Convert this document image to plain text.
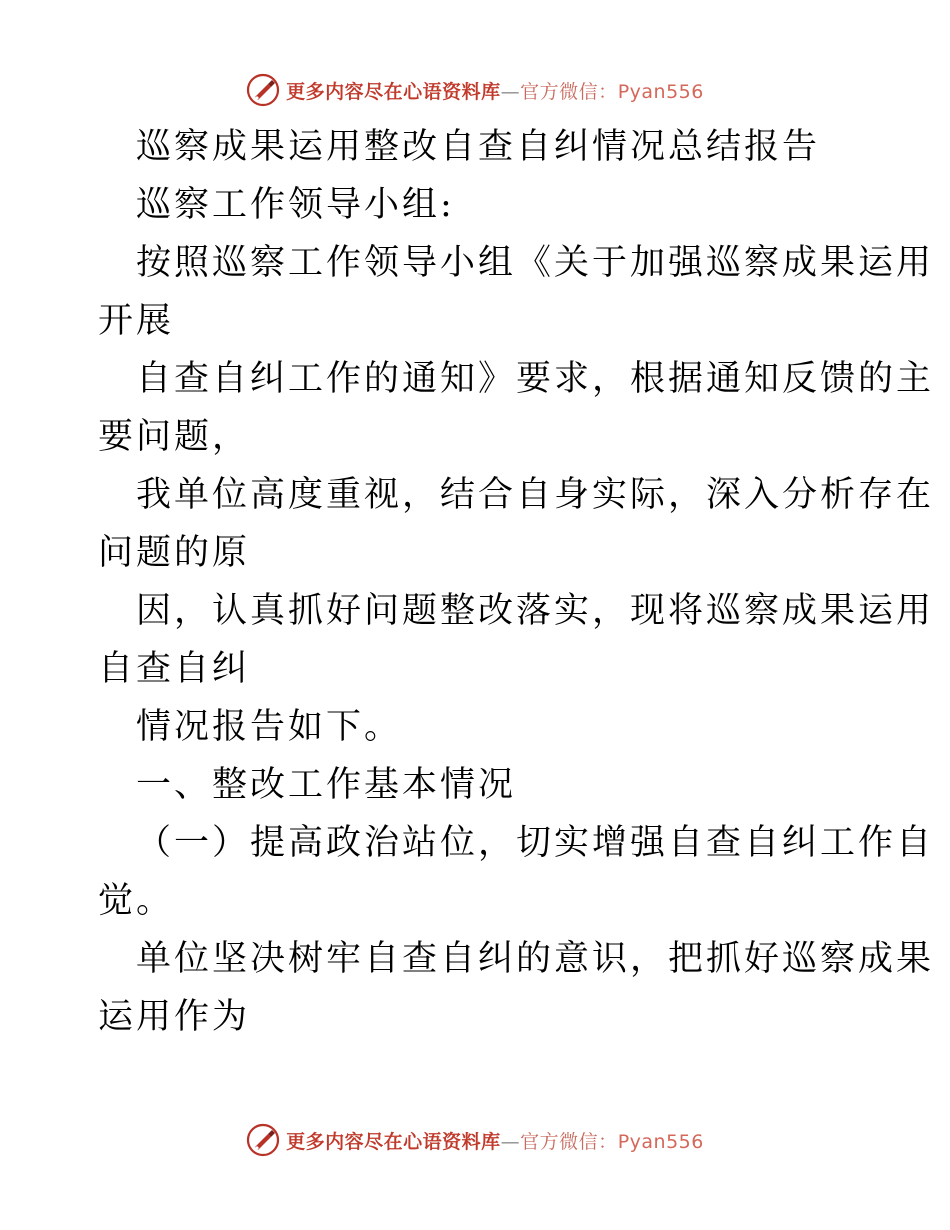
更多内容尽在心语资料库—官方微信：Pyan556
巡察成果运用整改自查自纠情况总结报告
巡察工作领导小组:
按照巡察工作领导小组《关于加强巡察成果运用
开展
自查自纠工作的通知》要求，根据通知反馈的主
要问题，
我单位高度重视，结合自身实际，深入分析存在
问题的原
因，认真抓好问题整改落实，现将巡察成果运用
自查自纠
情况报告如下。
一、整改工作基本情况
（一）提高政治站位，切实增强自查自纠工作自
觉。
单位坚决树牢自查自纠的意识，把抓好巡察成果
运用作为
更多内容尽在心语资料库—官方微信：Pyan556
